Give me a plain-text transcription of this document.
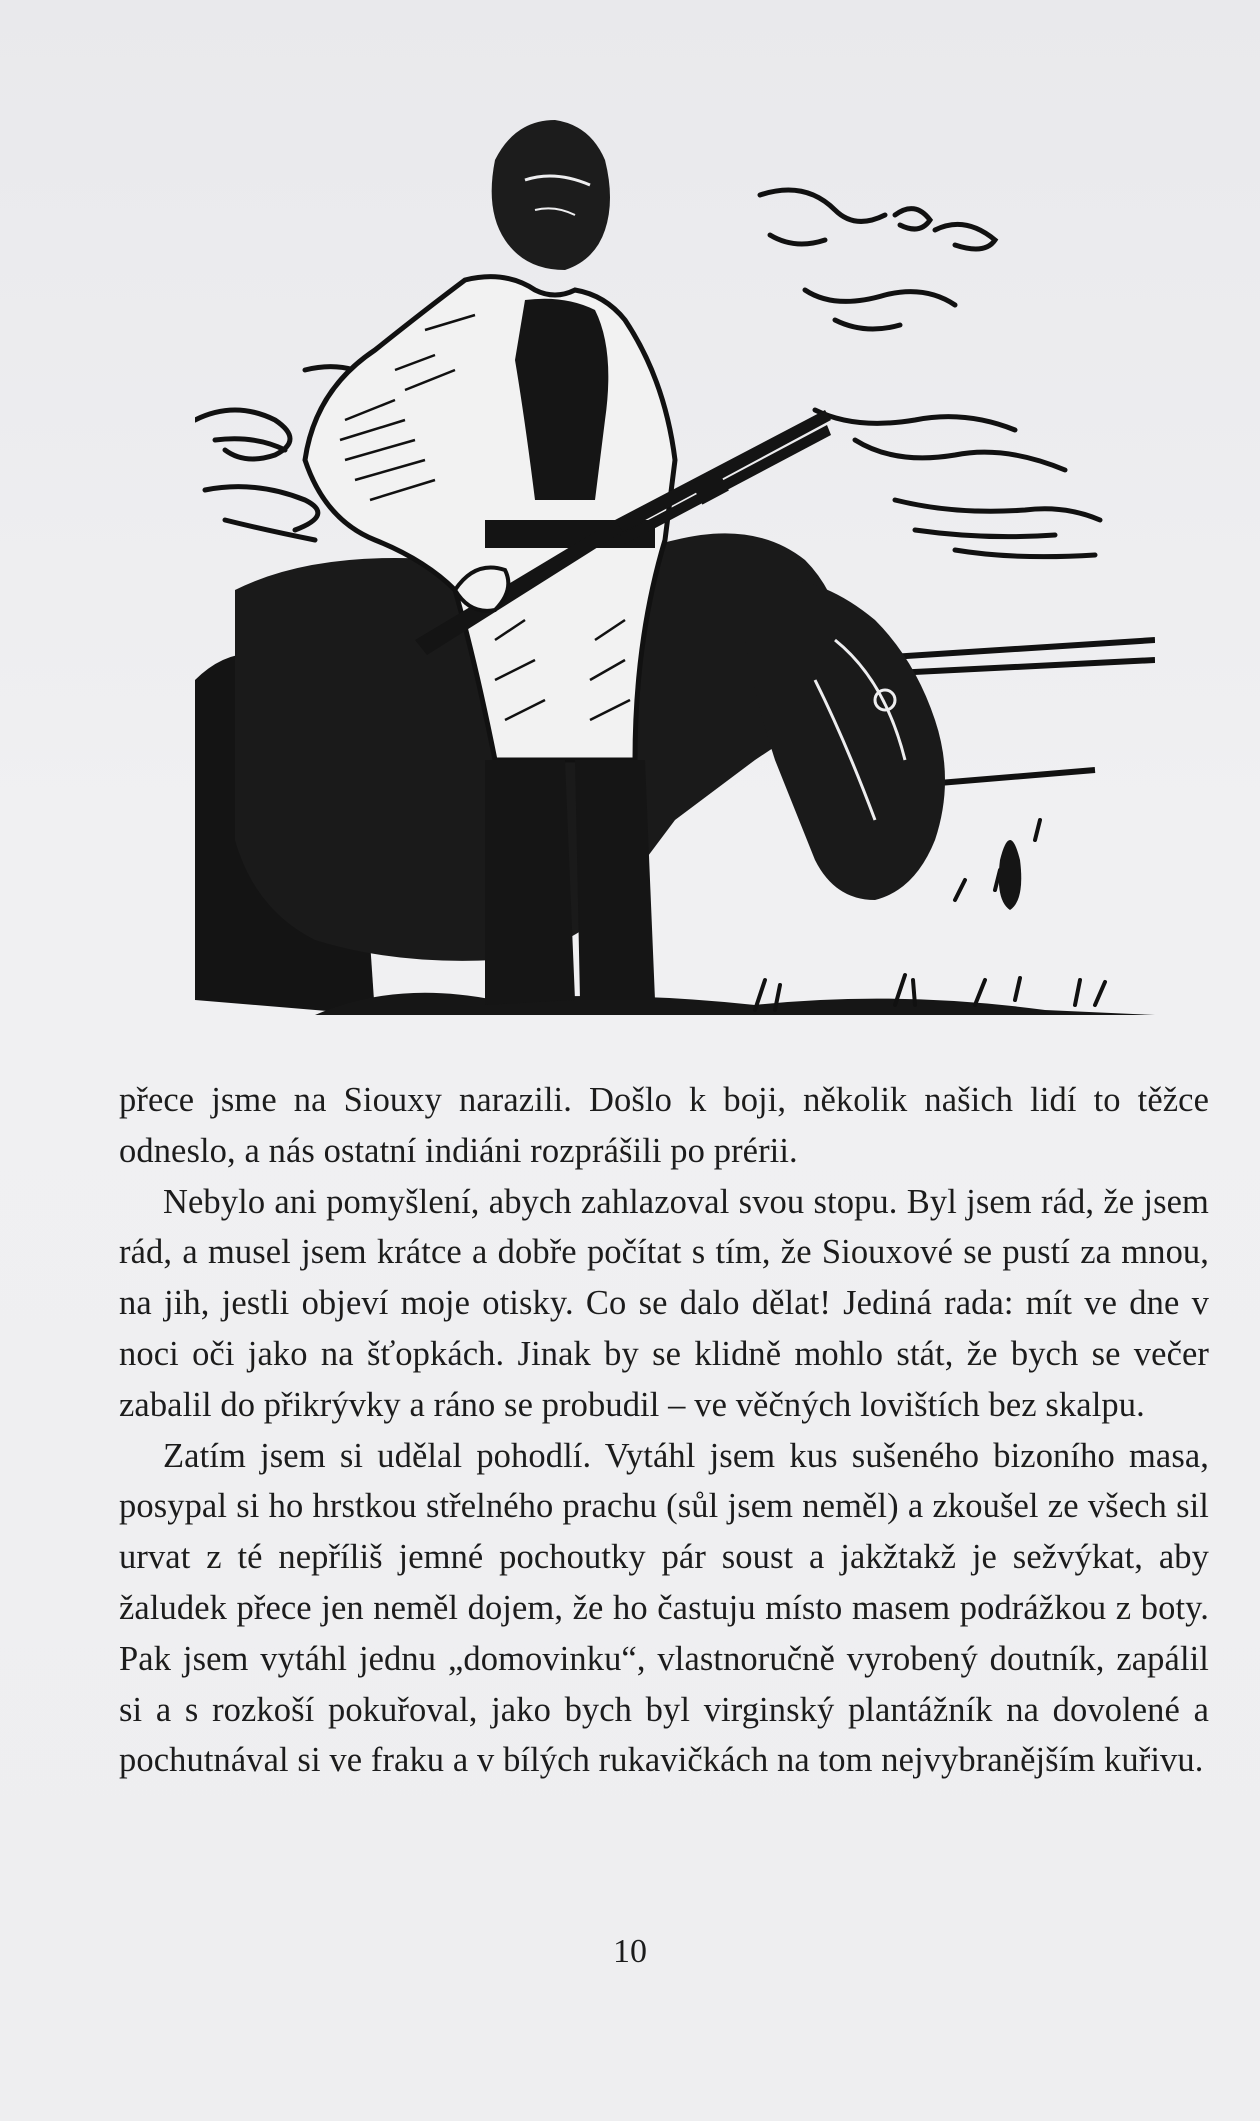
přece jsme na Siouxy narazili. Došlo k boji, několik našich lidí to těžce odneslo, a nás ostatní indiáni rozprášili po prérii.

Nebylo ani pomyšlení, abych zahlazoval svou stopu. Byl jsem rád, že jsem rád, a musel jsem krátce a dobře počítat s tím, že Siouxové se pustí za mnou, na jih, jestli objeví moje otisky. Co se dalo dělat! Jediná rada: mít ve dne v noci oči jako na šťopkách. Jinak by se klidně mohlo stát, že bych se večer zabalil do přikrývky a ráno se probudil – ve věčných lovištích bez skalpu.

Zatím jsem si udělal pohodlí. Vytáhl jsem kus sušeného bizoního masa, posypal si ho hrstkou střelného prachu (sůl jsem neměl) a zkoušel ze všech sil urvat z té nepříliš jemné pochoutky pár soust a jakžtakž je sežvýkat, aby žaludek přece jen neměl dojem, že ho častuju místo masem podrážkou z boty. Pak jsem vytáhl jednu „domovinku“, vlastnoručně vyrobený doutník, zapálil si a s rozkoší pokuřoval, jako bych byl virginský plantážník na dovolené a pochutnával si ve fraku a v bílých rukavičkách na tom nejvybranějším kuřivu.

10
